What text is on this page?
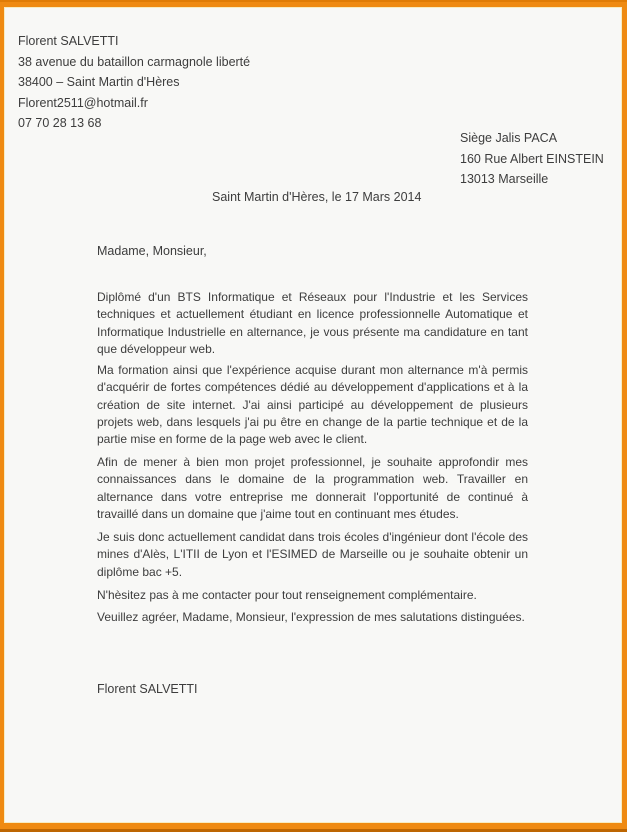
Florent SALVETTI
38 avenue du bataillon carmagnole liberté
38400 – Saint Martin d'Hères
Florent2511@hotmail.fr
07 70 28 13 68
Siège Jalis PACA
160 Rue Albert EINSTEIN
13013 Marseille
Saint Martin d'Hères, le 17 Mars 2014
Madame, Monsieur,
Diplômé d'un BTS Informatique et Réseaux pour l'Industrie et les Services techniques et actuellement étudiant en licence professionnelle Automatique et Informatique Industrielle en alternance, je vous présente ma candidature en tant que développeur web.
Ma formation ainsi que l'expérience acquise durant mon alternance m'à permis d'acquérir de fortes compétences dédié au développement d'applications et à la création de site internet. J'ai ainsi participé au développement de plusieurs projets web, dans lesquels j'ai pu être en change de la partie technique et de la partie mise en forme de la page web avec le client.
Afin de mener à bien mon projet professionnel, je souhaite approfondir mes connaissances dans le domaine de la programmation web. Travailler en alternance dans votre entreprise me donnerait l'opportunité de continué à travaillé dans un domaine que j'aime tout en continuant mes études.
Je suis donc actuellement candidat dans trois écoles d'ingénieur dont l'école des mines d'Alès, L'ITII de Lyon et l'ESIMED de Marseille ou je souhaite obtenir un diplôme bac +5.
N'hèsitez pas à me contacter pour tout renseignement complémentaire.
Veuillez agréer, Madame, Monsieur, l'expression de mes salutations distinguées.
Florent SALVETTI
